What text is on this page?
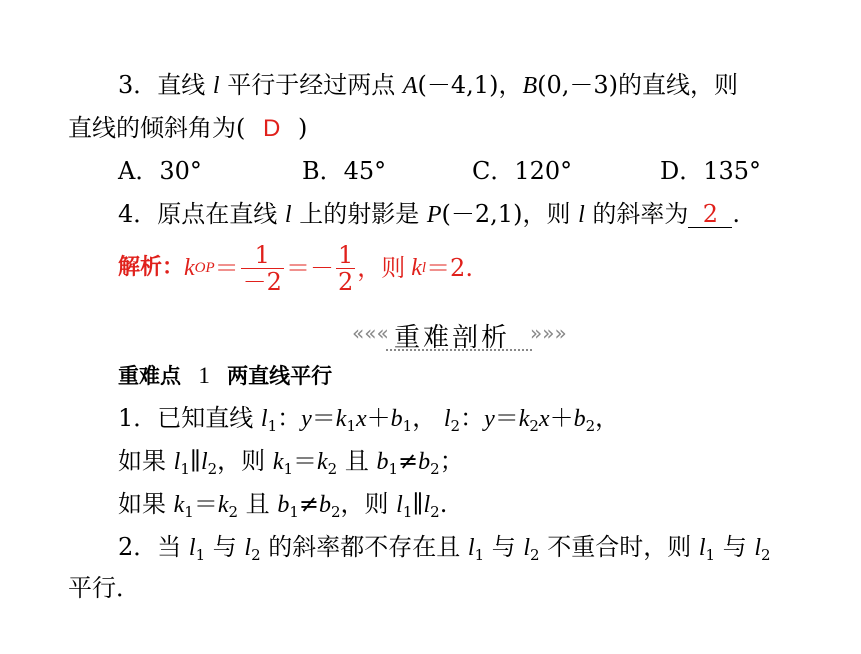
3．直线 l 平行于经过两点 A(－4,1)，B(0,－3)的直线，则
直线的倾斜角为( D )
A．30°	B．45°	C．120°	D．135°
4．原点在直线 l 上的射影是 P(－2,1)，则 l 的斜率为 2 .
解析： k OP ＝ $\frac{1}{-2} =- \frac{1}{2}$ ，则 k l ＝2.
««« 重难剖析 »»»
重难点 1 两直线平行
1．已知直线 $l_1$：$y=k_1x+b_1$， $l_2$：$y=k_2x+b_2$，
如果 $l_1\parallel l_2$，则 $k_1=k_2$ 且 $b_1\ne b_2$；
如果 $k_1=k_2$ 且 $b_1\ne b_2$，则 $l_1\parallel l_2$.
2．当 $l_1$ 与 $l_2$ 的斜率都不存在且 $l_1$ 与 $l_2$ 不重合时，则 $l_1$ 与 $l_2$
平行．
